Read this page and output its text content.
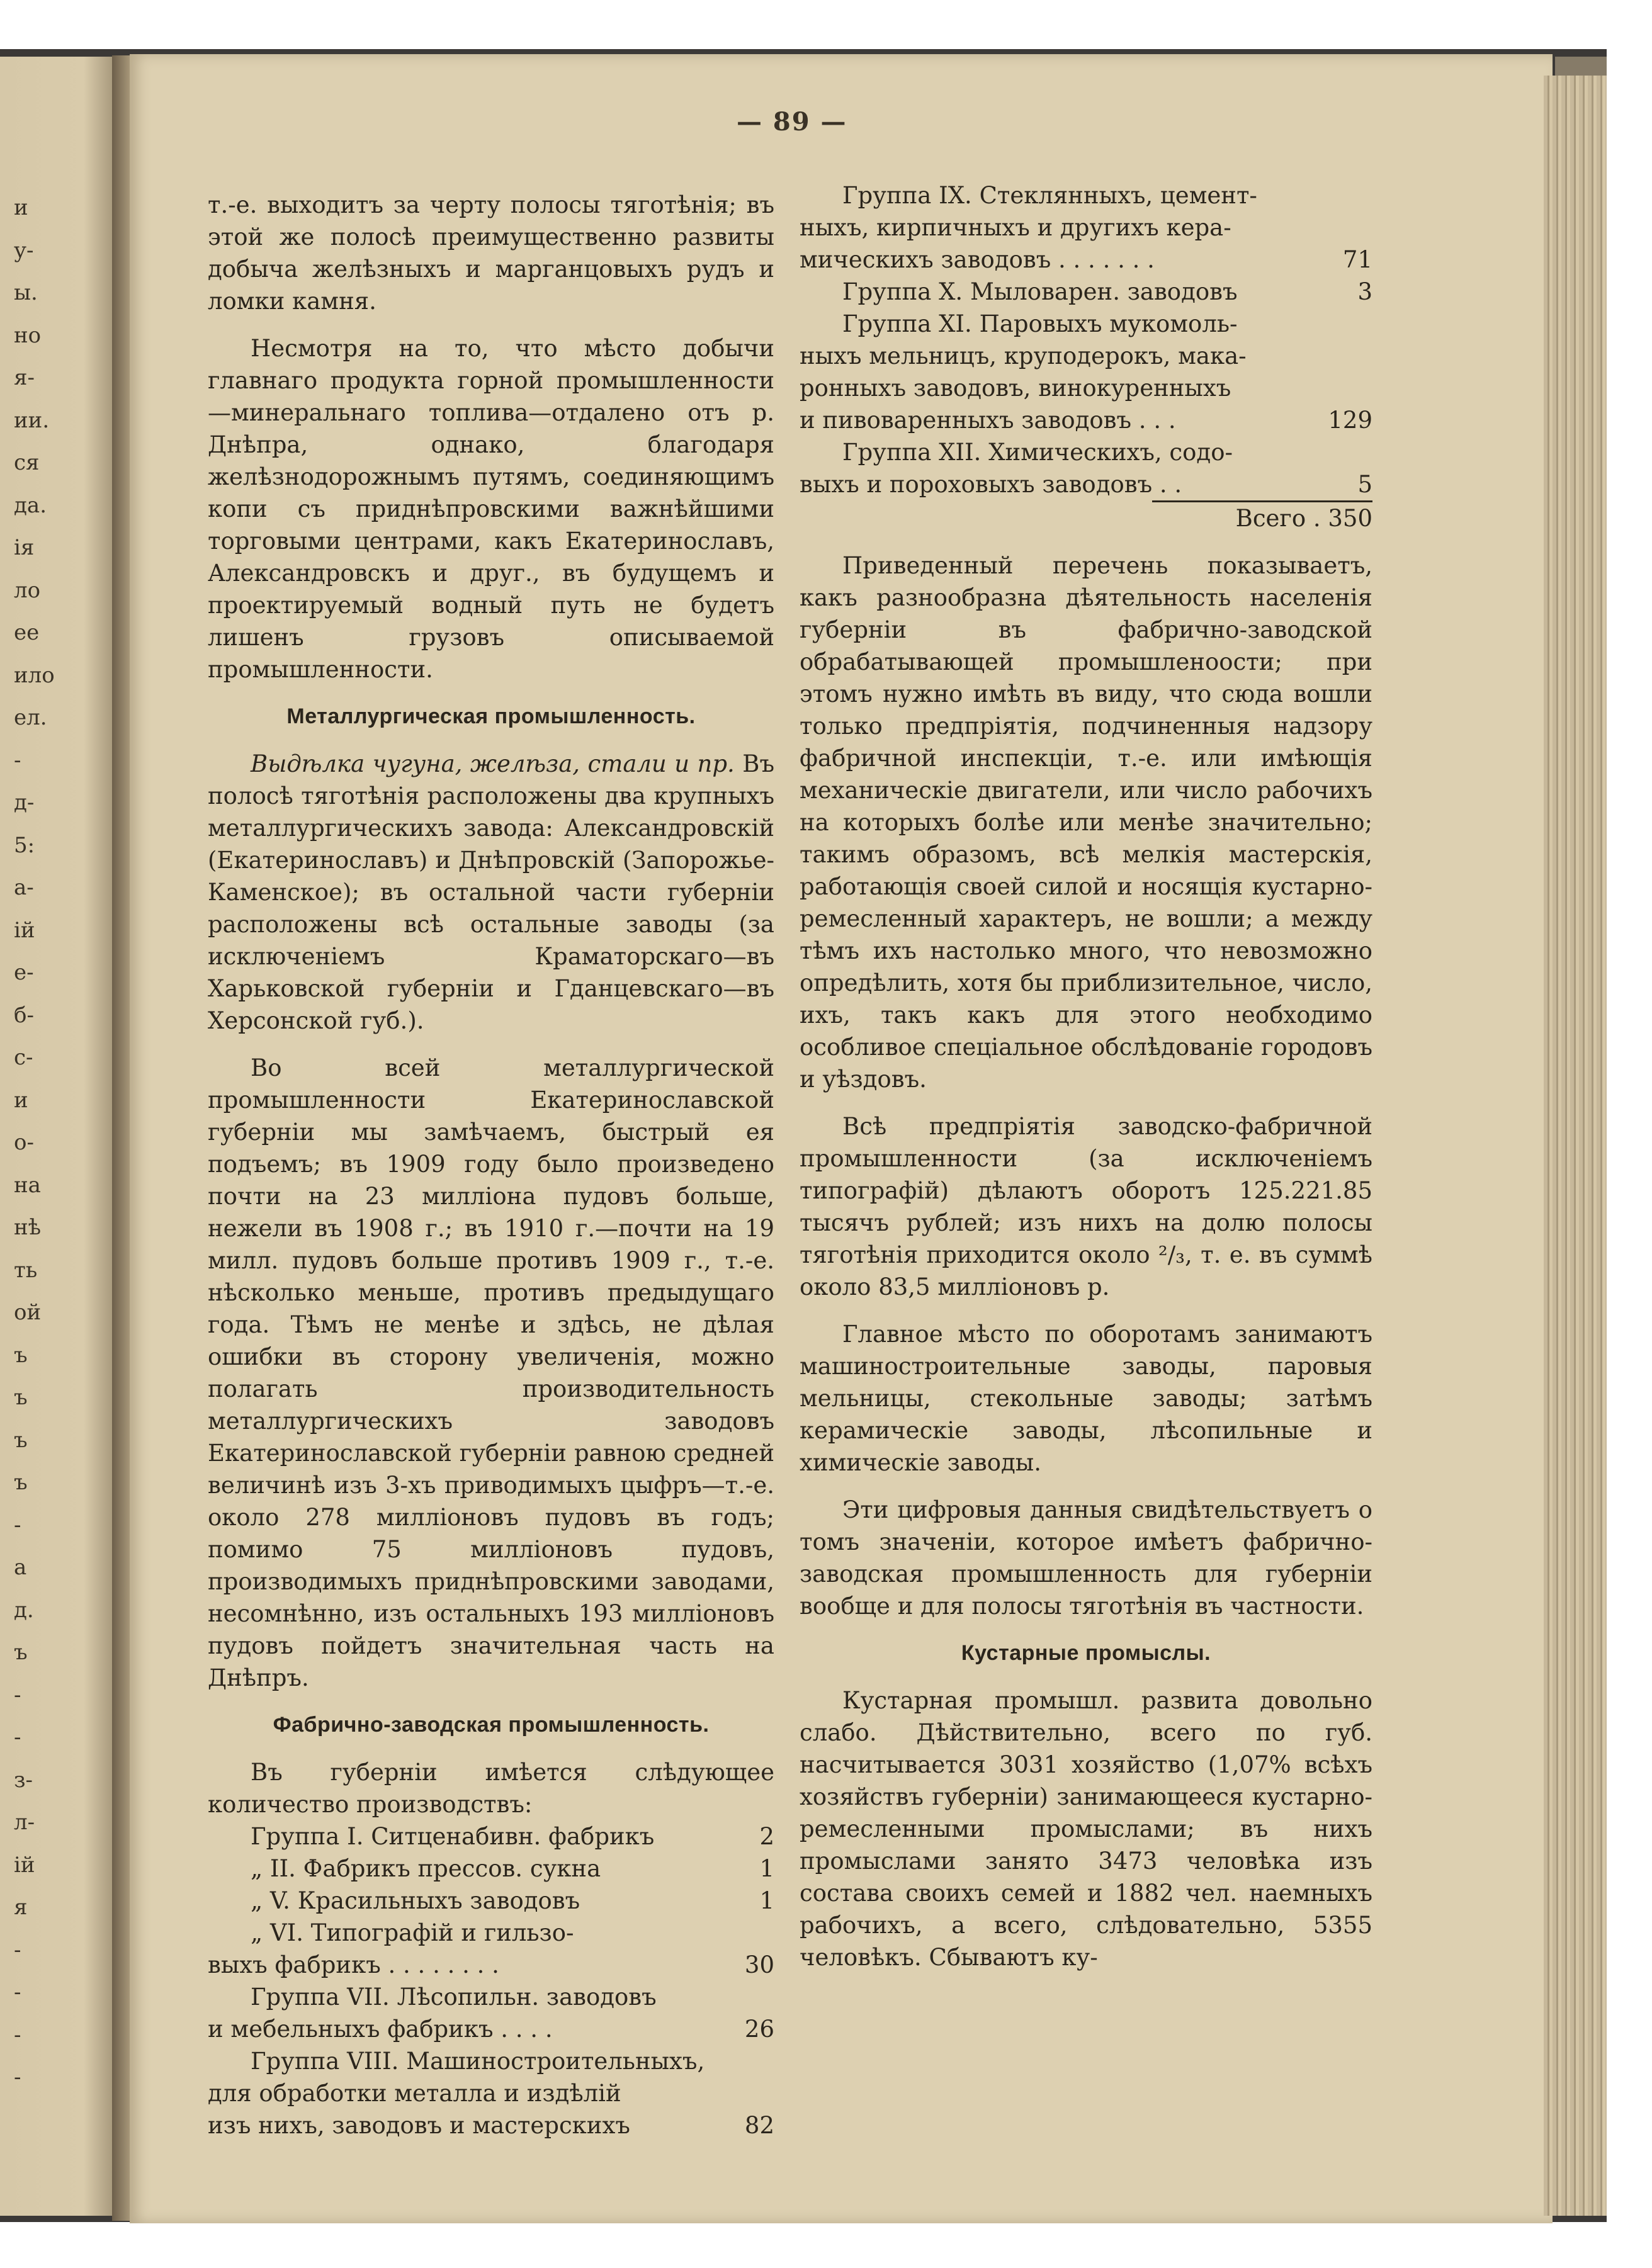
и
у-
ы.
но
я-
ии.
ся
да.
ія
ло
ее
ило
ел.
-
д-
5:
а-
ій
е-
б-
с-
и
о-
на
нѣ
ть
ой
ъ
ъ
ъ
ъ
-
а
д.
ъ
-
-
з-
л-
ій
я
-
-
-
-
— 89 —

т.-е. выходитъ за черту полосы тяготѣнія; въ этой же полосѣ преимущественно развиты добыча желѣзныхъ и марганцовыхъ рудъ и ломки камня.

Несмотря на то, что мѣсто добычи главнаго продукта горной промышленности—минеральнаго топлива—отдалено отъ р. Днѣпра, однако, благодаря желѣзнодорожнымъ путямъ, соединяющимъ копи съ приднѣпровскими важнѣйшими торговыми центрами, какъ Екатеринославъ, Александровскъ и друг., въ будущемъ и проектируемый водный путь не будетъ лишенъ грузовъ описываемой промышленности.

Металлургическая промышленность.

Выдѣлка чугуна, желѣза, стали и пр. Въ полосѣ тяготѣнія расположены два крупныхъ металлургическихъ завода: Александровскій (Екатеринославъ) и Днѣпровскій (Запорожье-Каменское); въ остальной части губерніи расположены всѣ остальные заводы (за исключеніемъ Краматорскаго—въ Харьковской губерніи и Гданцевскаго—въ Херсонской губ.).

Во всей металлургической промышленности Екатеринославской губерніи мы замѣчаемъ, быстрый ея подъемъ; въ 1909 году было произведено почти на 23 милліона пудовъ больше, нежели въ 1908 г.; въ 1910 г.—почти на 19 милл. пудовъ больше противъ 1909 г., т.-е. нѣсколько меньше, противъ предыдущаго года. Тѣмъ не менѣе и здѣсь, не дѣлая ошибки въ сторону увеличенія, можно полагать производительность металлургическихъ заводовъ Екатеринославской губерніи равною средней величинѣ изъ 3-хъ приводимыхъ цыфръ—т.-е. около 278 милліоновъ пудовъ въ годъ; помимо 75 милліоновъ пудовъ, производимыхъ приднѣпровскими заводами, несомнѣнно, изъ остальныхъ 193 милліоновъ пудовъ пойдетъ значительная часть на Днѣпръ.

Фабрично-заводская промышленность.

Въ губерніи имѣется слѣдующее количество производствъ:

Группа I. Ситценабивн. фабрикъ	2
„ II. Фабрикъ прессов. сукна	1
„ V. Красильныхъ заводовъ	1
„ VI. Типографій и гильзо-
выхъ фабрикъ . . . . . . . .	30
Группа VII. Лѣсопильн. заводовъ
и мебельныхъ фабрикъ . . . .	26
Группа VIII. Машиностроительныхъ,
для обработки металла и издѣлій
изъ нихъ, заводовъ и мастерскихъ	82
Группа IX. Стеклянныхъ, цемент-
ныхъ, кирпичныхъ и другихъ кера-
мическихъ заводовъ . . . . . . .	71
Группа X. Мыловарен. заводовъ	3
Группа XI. Паровыхъ мукомоль-
ныхъ мельницъ, круподерокъ, мака-
ронныхъ заводовъ, винокуренныхъ
и пивоваренныхъ заводовъ . . .	129
Группа XII. Химическихъ, содо-
выхъ и пороховыхъ заводовъ . .	5
Всего . 350

Приведенный перечень показываетъ, какъ разнообразна дѣятельность населенія губерніи въ фабрично-заводской обрабатывающей промышленоости; при этомъ нужно имѣть въ виду, что сюда вошли только предпріятія, подчиненныя надзору фабричной инспекціи, т.-е. или имѣющія механическіе двигатели, или число рабочихъ на которыхъ болѣе или менѣе значительно; такимъ образомъ, всѣ мелкія мастерскія, работающія своей силой и носящія кустарно-ремесленный характеръ, не вошли; а между тѣмъ ихъ настолько много, что невозможно опредѣлить, хотя бы приблизительное, число, ихъ, такъ какъ для этого необходимо особливое спеціальное обслѣдованіе городовъ и уѣздовъ.

Всѣ предпріятія заводско-фабричной промышленности (за исключеніемъ типографій) дѣлаютъ оборотъ 125.221.85 тысячъ рублей; изъ нихъ на долю полосы тяготѣнія приходится около ²/₃, т. е. въ суммѣ около 83,5 милліоновъ р.

Главное мѣсто по оборотамъ занимаютъ машиностроительные заводы, паровыя мельницы, стекольные заводы; затѣмъ керамическіе заводы, лѣсопильные и химическіе заводы.

Эти цифровыя данныя свидѣтельствуетъ о томъ значеніи, которое имѣетъ фабрично-заводская промышленность для губерніи вообще и для полосы тяготѣнія въ частности.

Кустарные промыслы.

Кустарная промышл. развита довольно слабо. Дѣйствительно, всего по губ. насчитывается 3031 хозяйство (1,07% всѣхъ хозяйствъ губерніи) занимающееся кустарно-ремесленными промыслами; въ нихъ промыслами занято 3473 человѣка изъ состава своихъ семей и 1882 чел. наемныхъ рабочихъ, а всего, слѣдовательно, 5355 человѣкъ. Сбываютъ ку-
